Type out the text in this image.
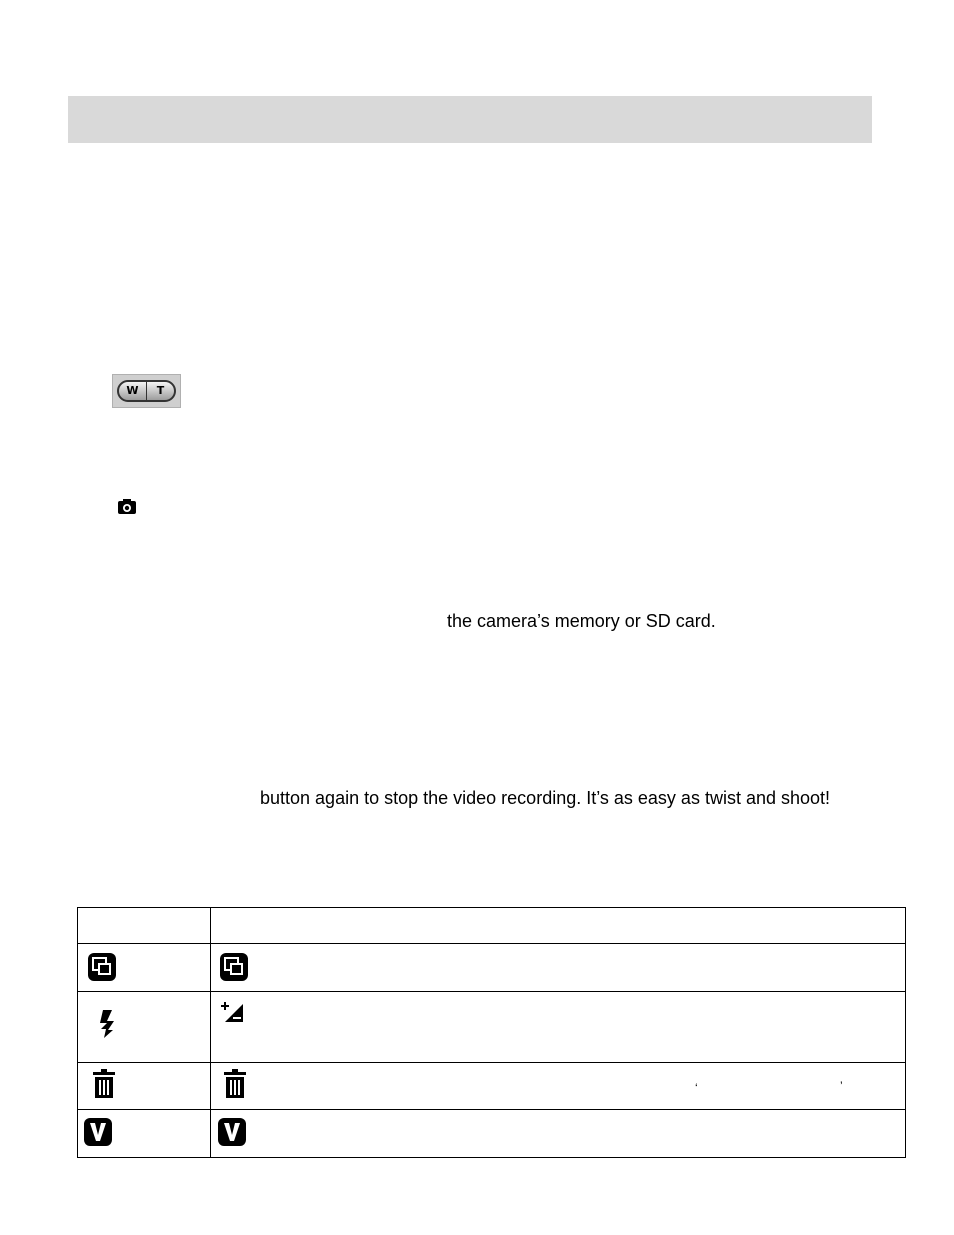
W	T
the camera’s memory or SD card.
button again to stop the video recording. It’s as easy as twist and shoot!

‘ ’
